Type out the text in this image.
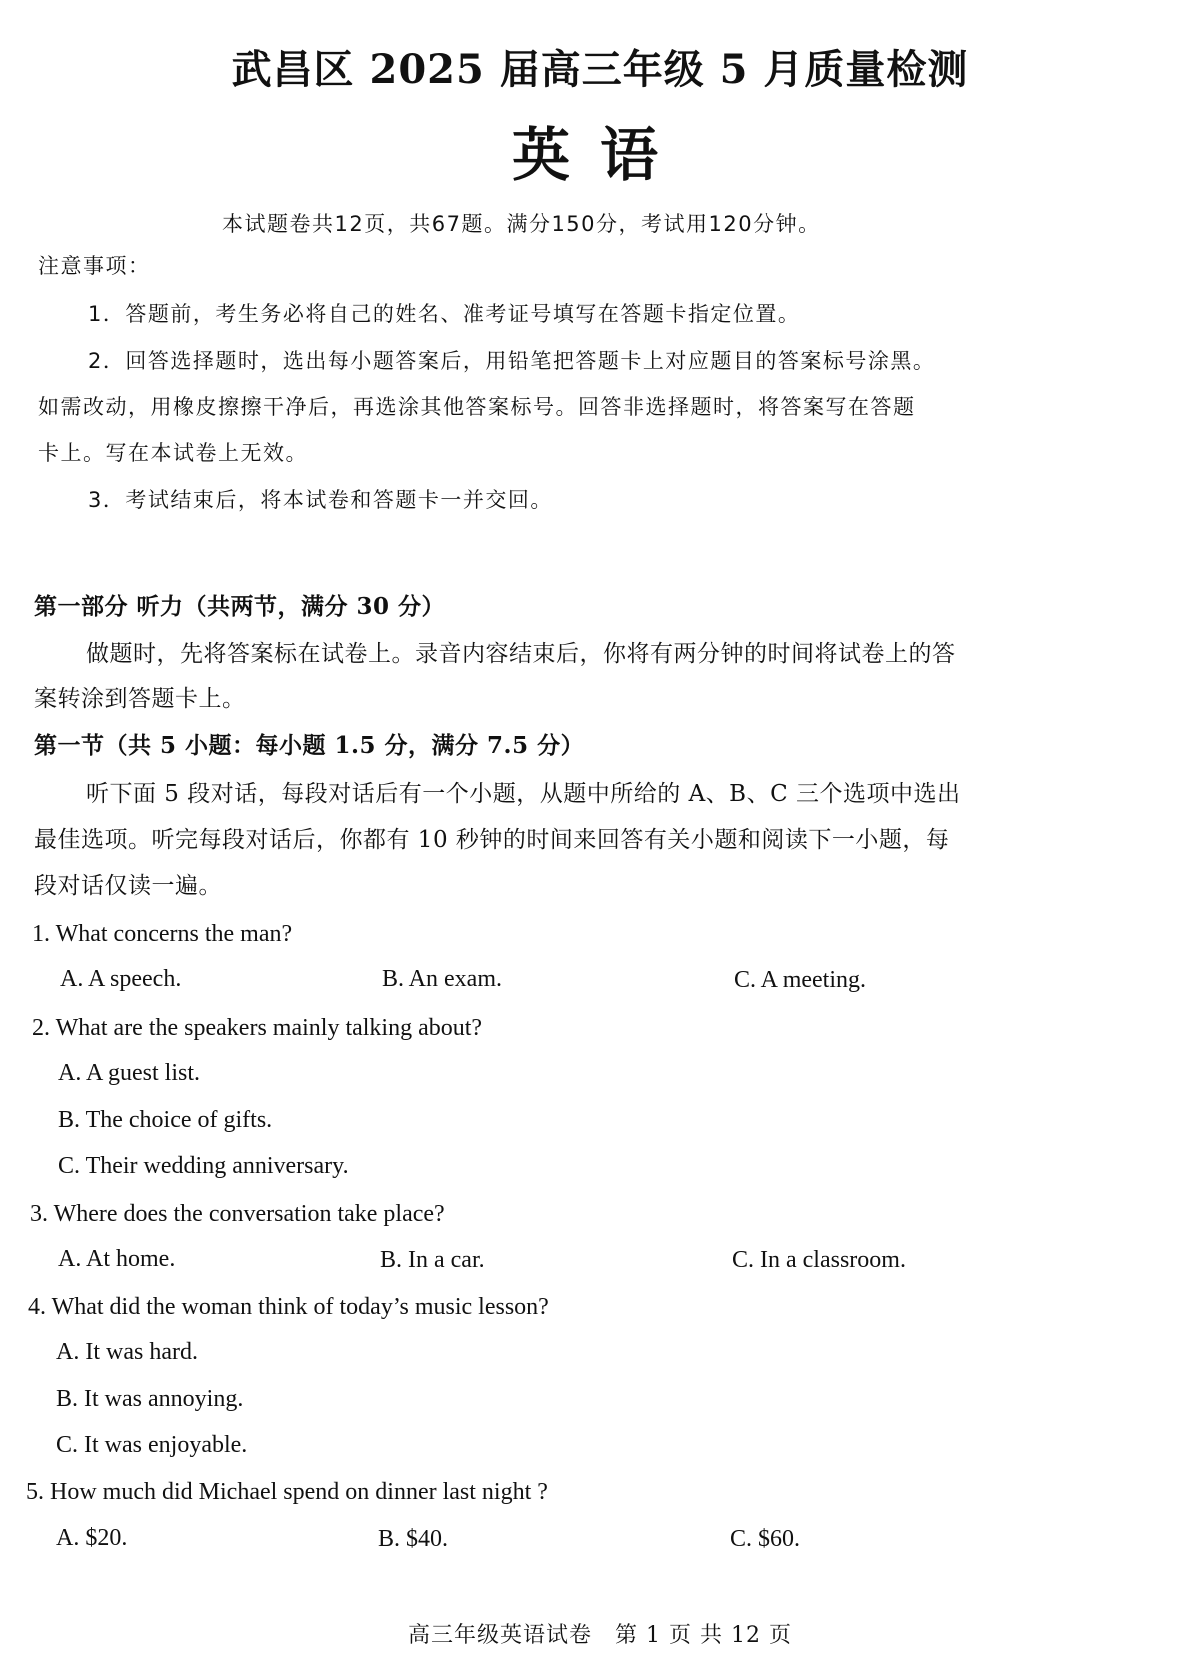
武昌区 2025 届高三年级 5 月质量检测
英语
本试题卷共12页，共67题。满分150分，考试用120分钟。
注意事项：
1．答题前，考生务必将自己的姓名、准考证号填写在答题卡指定位置。
2．回答选择题时，选出每小题答案后，用铅笔把答题卡上对应题目的答案标号涂黑。
如需改动，用橡皮擦擦干净后，再选涂其他答案标号。回答非选择题时，将答案写在答题
卡上。写在本试卷上无效。
3．考试结束后，将本试卷和答题卡一并交回。
第一部分 听力（共两节，满分 30 分）
做题时，先将答案标在试卷上。录音内容结束后，你将有两分钟的时间将试卷上的答
案转涂到答题卡上。
第一节（共 5 小题：每小题 1.5 分，满分 7.5 分）
听下面 5 段对话，每段对话后有一个小题，从题中所给的 A、B、C 三个选项中选出
最佳选项。听完每段对话后，你都有 10 秒钟的时间来回答有关小题和阅读下一小题，每
段对话仅读一遍。
1. What concerns the man?
A. A speech.	B. An exam.	C. A meeting.
2. What are the speakers mainly talking about?
A. A guest list.
B. The choice of gifts.
C. Their wedding anniversary.
3. Where does the conversation take place?
A. At home.	B. In a car.	C. In a classroom.
4. What did the woman think of today’s music lesson?
A. It was hard.
B. It was annoying.
C. It was enjoyable.
5. How much did Michael spend on dinner last night ?
A. $20.	B. $40.	C. $60.
高三年级英语试卷　第 1 页 共 12 页
